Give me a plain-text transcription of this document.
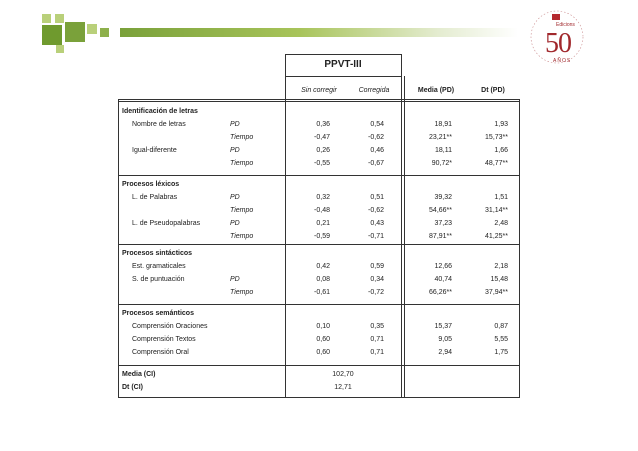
Edicions
50
AÑOS
PPVT-III
Sin corregir	Corregida	Media (PD)	Dt (PD)
Identificación de letras
Nombre de letras	PD	0,36	0,54	18,91	1,93
Tiempo	-0,47	-0,62	23,21**	15,73**
Igual-diferente	PD	0,26	0,46	18,11	1,66
Tiempo	-0,55	-0,67	90,72*	48,77**
Procesos léxicos
L. de Palabras	PD	0,32	0,51	39,32	1,51
Tiempo	-0,48	-0,62	54,66**	31,14**
L. de Pseudopalabras	PD	0,21	0,43	37,23	2,48
Tiempo	-0,59	-0,71	87,91**	41,25**
Procesos sintácticos
Est. gramaticales	0,42	0,59	12,66	2,18
S. de puntuación	PD	0,08	0,34	40,74	15,48
Tiempo	-0,61	-0,72	66,26**	37,94**
Procesos semánticos
Comprensión Oraciones	0,10	0,35	15,37	0,87
Comprensión Textos	0,60	0,71	9,05	5,55
Comprensión Oral	0,60	0,71	2,94	1,75
Media (CI)	102,70
Dt (CI)	12,71
